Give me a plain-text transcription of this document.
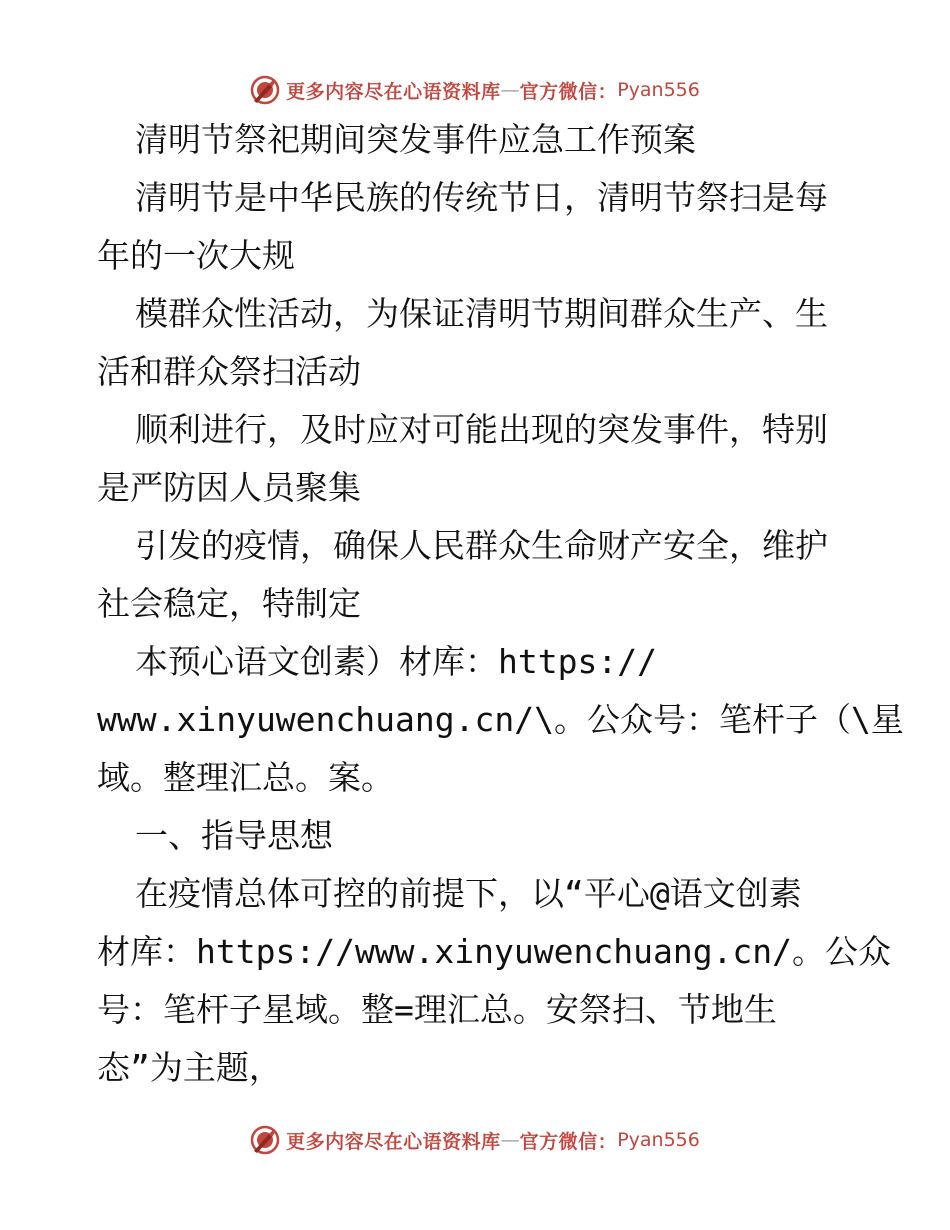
更多内容尽在心语资料库 — 官方微信： Pyan556
清明节祭祀期间突发事件应急工作预案
清明节是中华民族的传统节日，清明节祭扫是每
年的一次大规
模群众性活动，为保证清明节期间群众生产、生
活和群众祭扫活动
顺利进行，及时应对可能出现的突发事件，特别
是严防因人员聚集
引发的疫情，确保人民群众生命财产安全，维护
社会稳定，特制定
本预心语文创素）材库：https://
www.xinyuwenchuang.cn/\。公众号：笔杆子（\星
域。整理汇总。案。
一、指导思想
在疫情总体可控的前提下，以“平心@语文创素
材库：https://www.xinyuwenchuang.cn/。公众
号：笔杆子星域。整=理汇总。安祭扫、节地生
态”为主题，
更多内容尽在心语资料库 — 官方微信： Pyan556
